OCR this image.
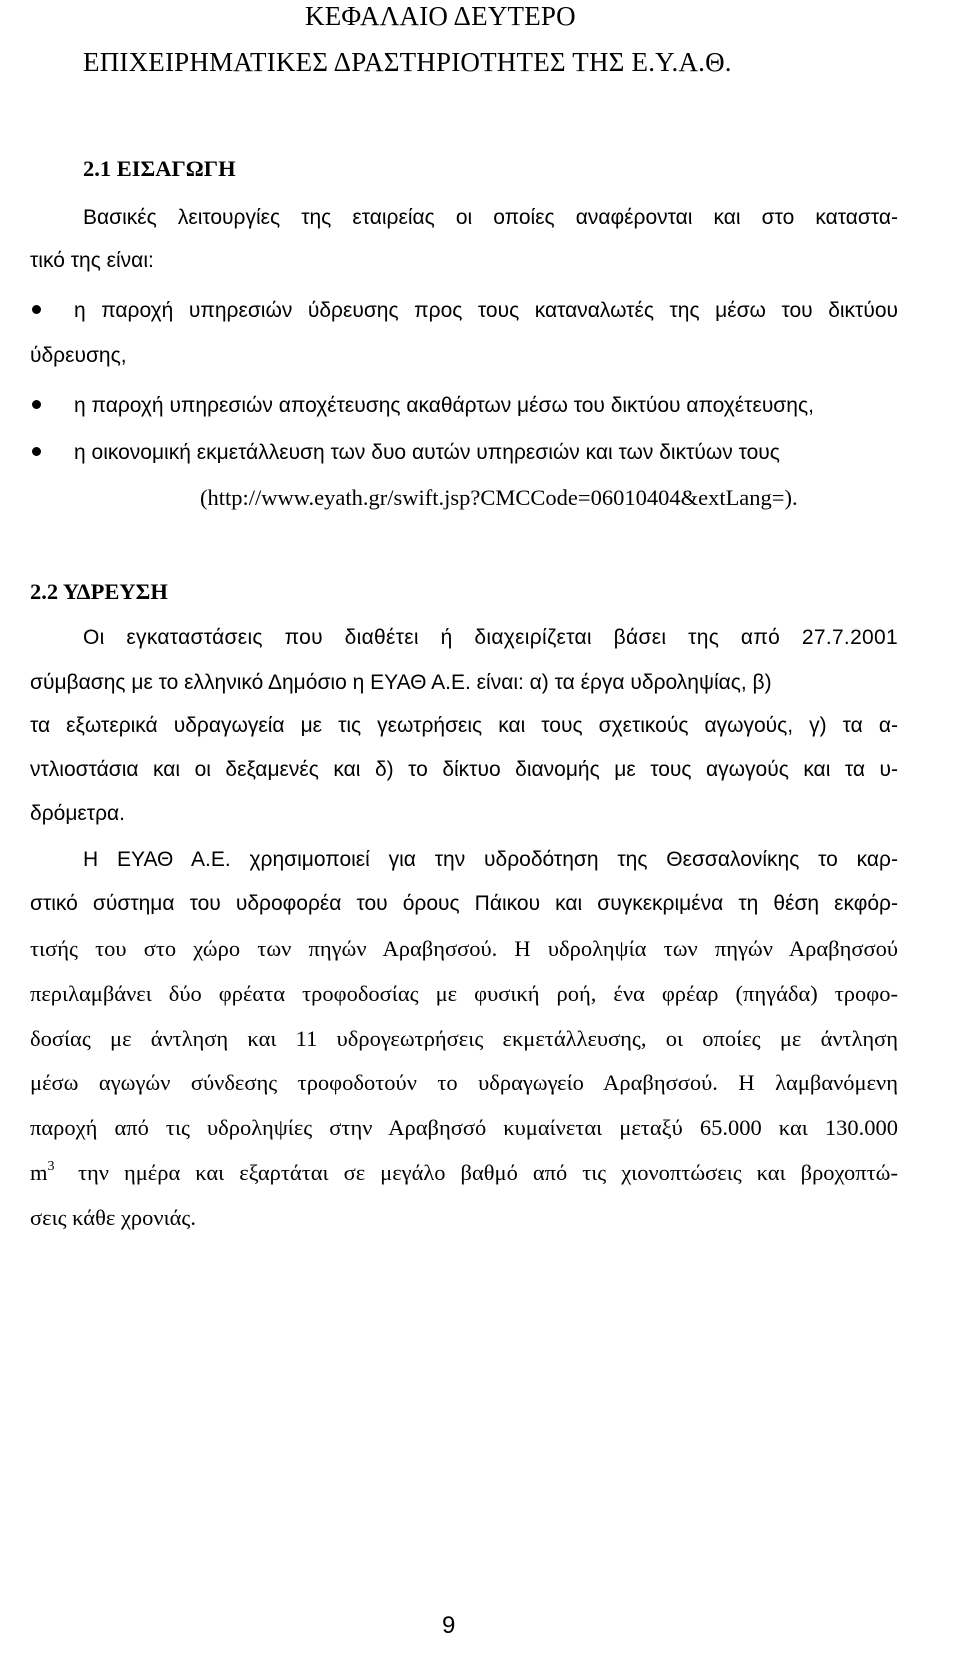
ΚΕΦΑΛΑΙΟ ΔΕΥΤΕΡΟ
ΕΠΙΧΕΙΡΗΜΑΤΙΚΕΣ ΔΡΑΣΤΗΡΙΟΤΗΤΕΣ ΤΗΣ Ε.Υ.Α.Θ.
2.1 ΕΙΣΑΓΩΓΗ
Βασικές λειτουργίες της εταιρείας οι οποίες αναφέρονται και στο καταστα-
τικό της είναι:
η παροχή υπηρεσιών ύδρευσης προς τους καταναλωτές της μέσω του δικτύου
ύδρευσης,
η παροχή υπηρεσιών αποχέτευσης ακαθάρτων μέσω του δικτύου αποχέτευσης,
η οικονομική εκμετάλλευση των δυο αυτών υπηρεσιών και των δικτύων τους
(http://www.eyath.gr/swift.jsp?CMCCode=06010404&extLang=).
2.2 ΥΔΡΕΥΣΗ
Οι εγκαταστάσεις που διαθέτει ή διαχειρίζεται βάσει της από 27.7.2001
σύμβασης με το ελληνικό Δημόσιο η ΕΥΑΘ Α.Ε. είναι: α) τα έργα υδροληψίας, β)
τα εξωτερικά υδραγωγεία με τις γεωτρήσεις και τους σχετικούς αγωγούς, γ) τα α-
ντλιοστάσια και οι δεξαμενές και δ) το δίκτυο διανομής με τους αγωγούς και τα υ-
δρόμετρα.
Η ΕΥΑΘ Α.Ε. χρησιμοποιεί για την υδροδότηση της Θεσσαλονίκης το καρ-
στικό σύστημα του υδροφορέα του όρους Πάικου και συγκεκριμένα τη θέση εκφόρ-
τισής του στο χώρο των πηγών Αραβησσού. Η υδροληψία των πηγών Αραβησσού
περιλαμβάνει δύο φρέατα τροφοδοσίας με φυσική ροή, ένα φρέαρ (πηγάδα) τροφο-
δοσίας με άντληση και 11 υδρογεωτρήσεις εκμετάλλευσης, οι οποίες με άντληση
μέσω αγωγών σύνδεσης τροφοδοτούν το υδραγωγείο Αραβησσού. Η λαμβανόμενη
παροχή από τις υδροληψίες στην Αραβησσό κυμαίνεται μεταξύ 65.000 και 130.000
$m^3$ την ημέρα και εξαρτάται σε μεγάλο βαθμό από τις χιονοπτώσεις και βροχοπτώ-
σεις κάθε χρονιάς.
9
